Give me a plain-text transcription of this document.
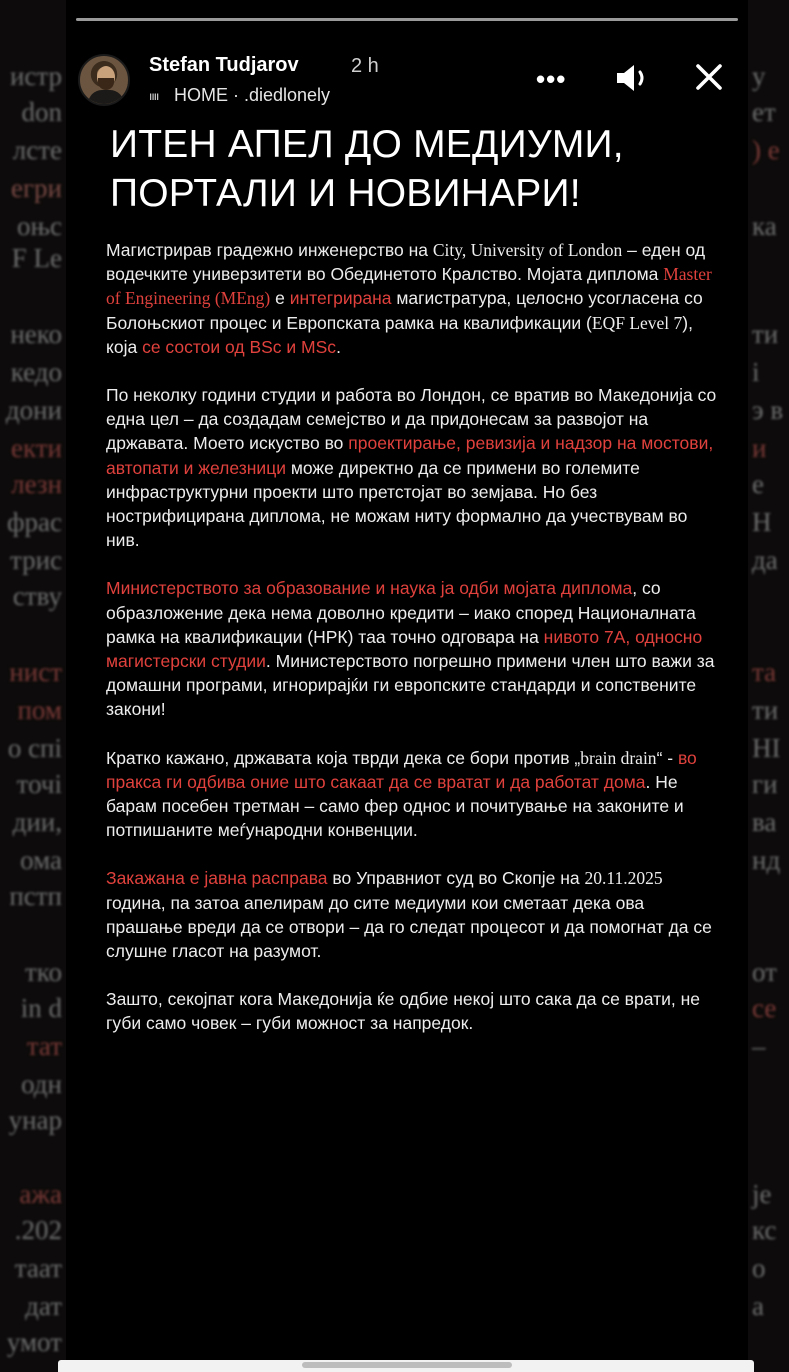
истр
don
лсте
егри
оњс
F Le
неко
кедо
дони
екти
лезн
фрас
трис
ству
нист
пом
о спі
точі
дии,
ома
пстп
тко
in d
тат
одн
унар
ажа
.202
таат
дат
умот
у
ет
) е
ка
ти
і
э в
и
е
Н
да
та
ти
НІ
ги
ва
нд
от
се
–
је
кс
о
а
Stefan Tudjarov	2 h
ıııı HOME · .diedlonely
•••
ИТЕН АПЕЛ ДО МЕДИУМИ, ПОРТАЛИ И НОВИНАРИ!

Магистрирав градежно инженерство на City, University of London – еден од водечките универзитети во Обединетото Кралство. Мојата диплома Master of Engineering (MEng) е интегрирана магистратура, целосно усогласена со Болоњскиот процес и Европската рамка на квалификации (EQF Level 7), која се состои од BSc и MSc.

По неколку години студии и работа во Лондон, се вратив во Македонија со една цел – да создадам семејство и да придонесам за развојот на државата. Моето искуство во проектирање, ревизија и надзор на мостови, автопати и железници може директно да се примени во големите инфраструктурни проекти што претстојат во земјава. Но без нострифицирана диплома, не можам ниту формално да учествувам во нив.

Министерството за образование и наука ја одби мојата диплома, со образложение дека нема доволно кредити – иако според Националната рамка на квалификации (НРК) таа точно одговара на нивото 7А, односно магистерски студии. Министерството погрешно примени член што важи за домашни програми, игнорирајќи ги европските стандарди и сопствените закони!

Кратко кажано, државата која тврди дека се бори против „brain drain“ - во пракса ги одбива оние што сакаат да се вратат и да работат дома. Не барам посебен третман – само фер однос и почитување на законите и потпишаните меѓународни конвенции.

Закажана е јавна расправа во Управниот суд во Скопје на 20.11.2025 година, па затоа апелирам до сите медиуми кои сметаат дека ова прашање вреди да се отвори – да го следат процесот и да помогнат да се слушне гласот на разумот.

Зашто, секојпат кога Македонија ќе одбие некој што сака да се врати, не губи само човек – губи можност за напредок.
